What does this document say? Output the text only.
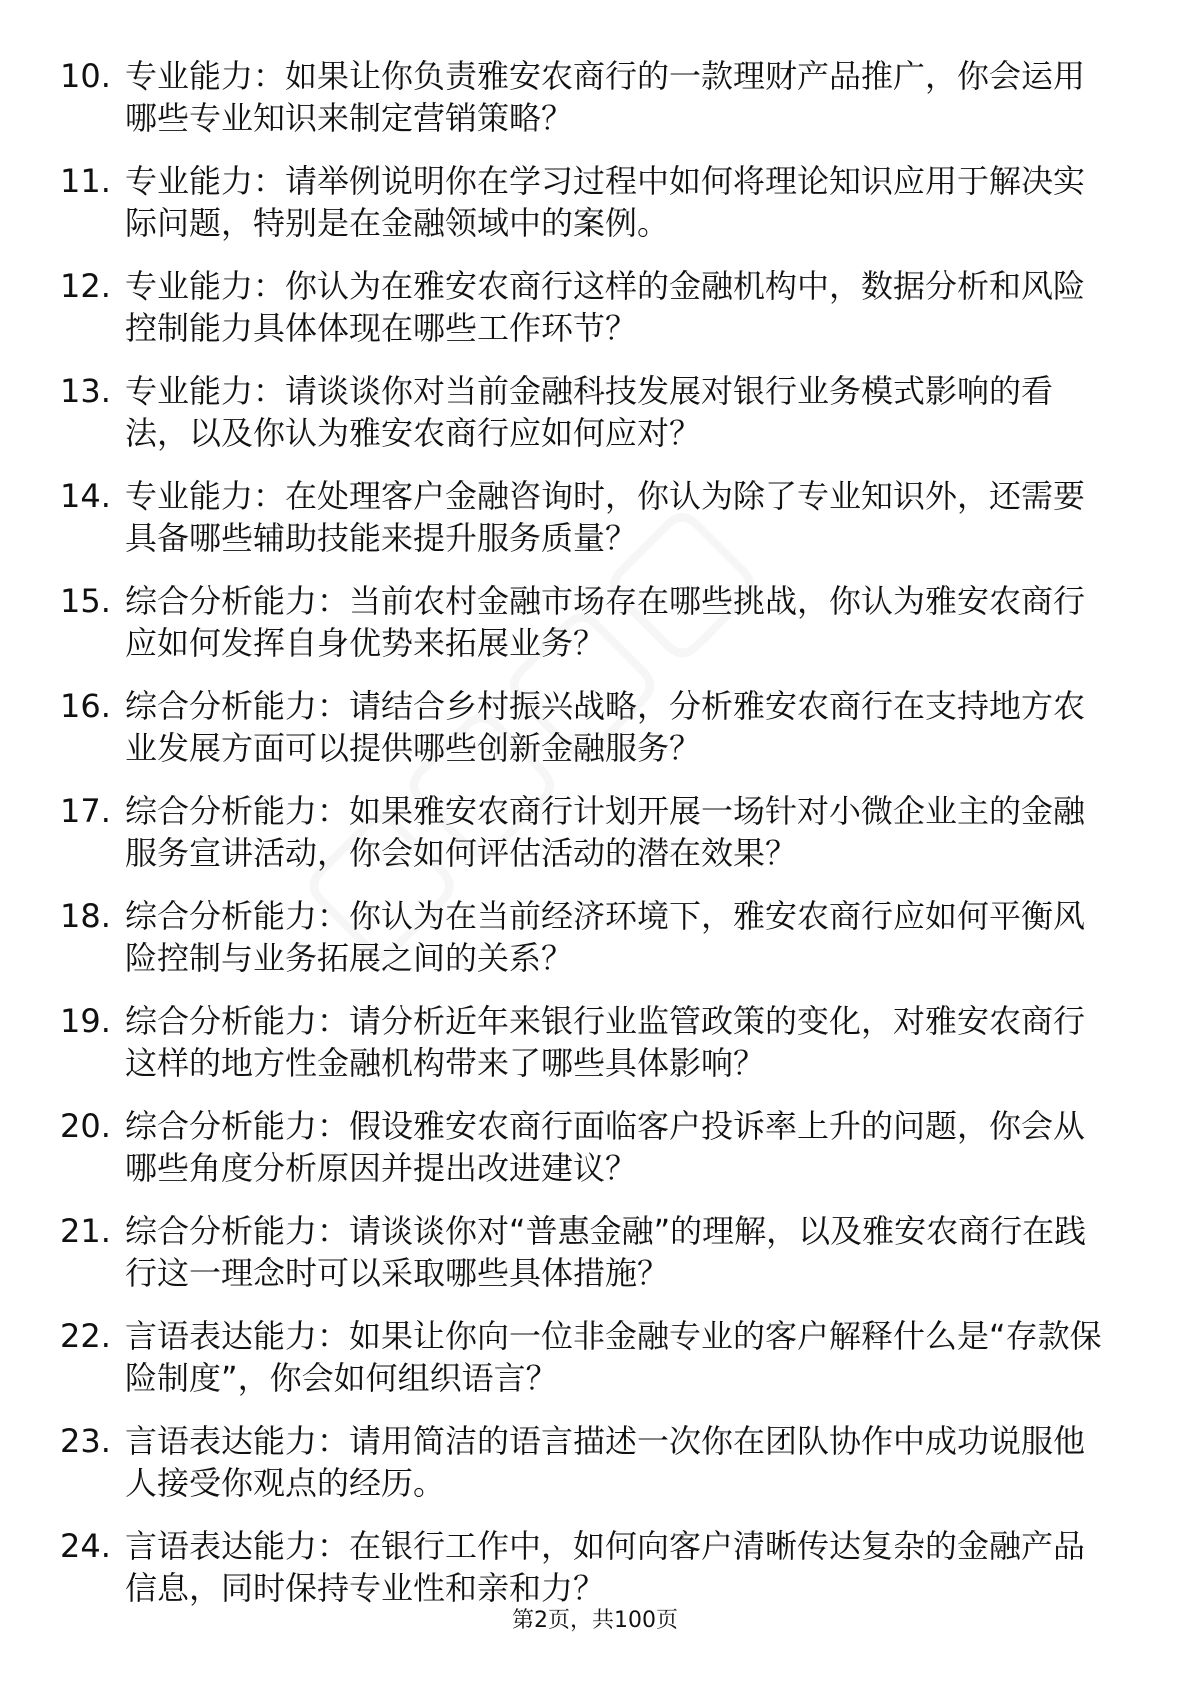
10. 专业能力：如果让你负责雅安农商行的一款理财产品推广，你会运用哪些专业知识来制定营销策略？
11. 专业能力：请举例说明你在学习过程中如何将理论知识应用于解决实际问题，特别是在金融领域中的案例。
12. 专业能力：你认为在雅安农商行这样的金融机构中，数据分析和风险控制能力具体体现在哪些工作环节？
13. 专业能力：请谈谈你对当前金融科技发展对银行业务模式影响的看法，以及你认为雅安农商行应如何应对？
14. 专业能力：在处理客户金融咨询时，你认为除了专业知识外，还需要具备哪些辅助技能来提升服务质量？
15. 综合分析能力：当前农村金融市场存在哪些挑战，你认为雅安农商行应如何发挥自身优势来拓展业务？
16. 综合分析能力：请结合乡村振兴战略，分析雅安农商行在支持地方农业发展方面可以提供哪些创新金融服务？
17. 综合分析能力：如果雅安农商行计划开展一场针对小微企业主的金融服务宣讲活动，你会如何评估活动的潜在效果？
18. 综合分析能力：你认为在当前经济环境下，雅安农商行应如何平衡风险控制与业务拓展之间的关系？
19. 综合分析能力：请分析近年来银行业监管政策的变化，对雅安农商行这样的地方性金融机构带来了哪些具体影响？
20. 综合分析能力：假设雅安农商行面临客户投诉率上升的问题，你会从哪些角度分析原因并提出改进建议？
21. 综合分析能力：请谈谈你对“普惠金融”的理解，以及雅安农商行在践行这一理念时可以采取哪些具体措施？
22. 言语表达能力：如果让你向一位非金融专业的客户解释什么是“存款保险制度”，你会如何组织语言？
23. 言语表达能力：请用简洁的语言描述一次你在团队协作中成功说服他人接受你观点的经历。
24. 言语表达能力：在银行工作中，如何向客户清晰传达复杂的金融产品信息，同时保持专业性和亲和力？
第2页，共100页
